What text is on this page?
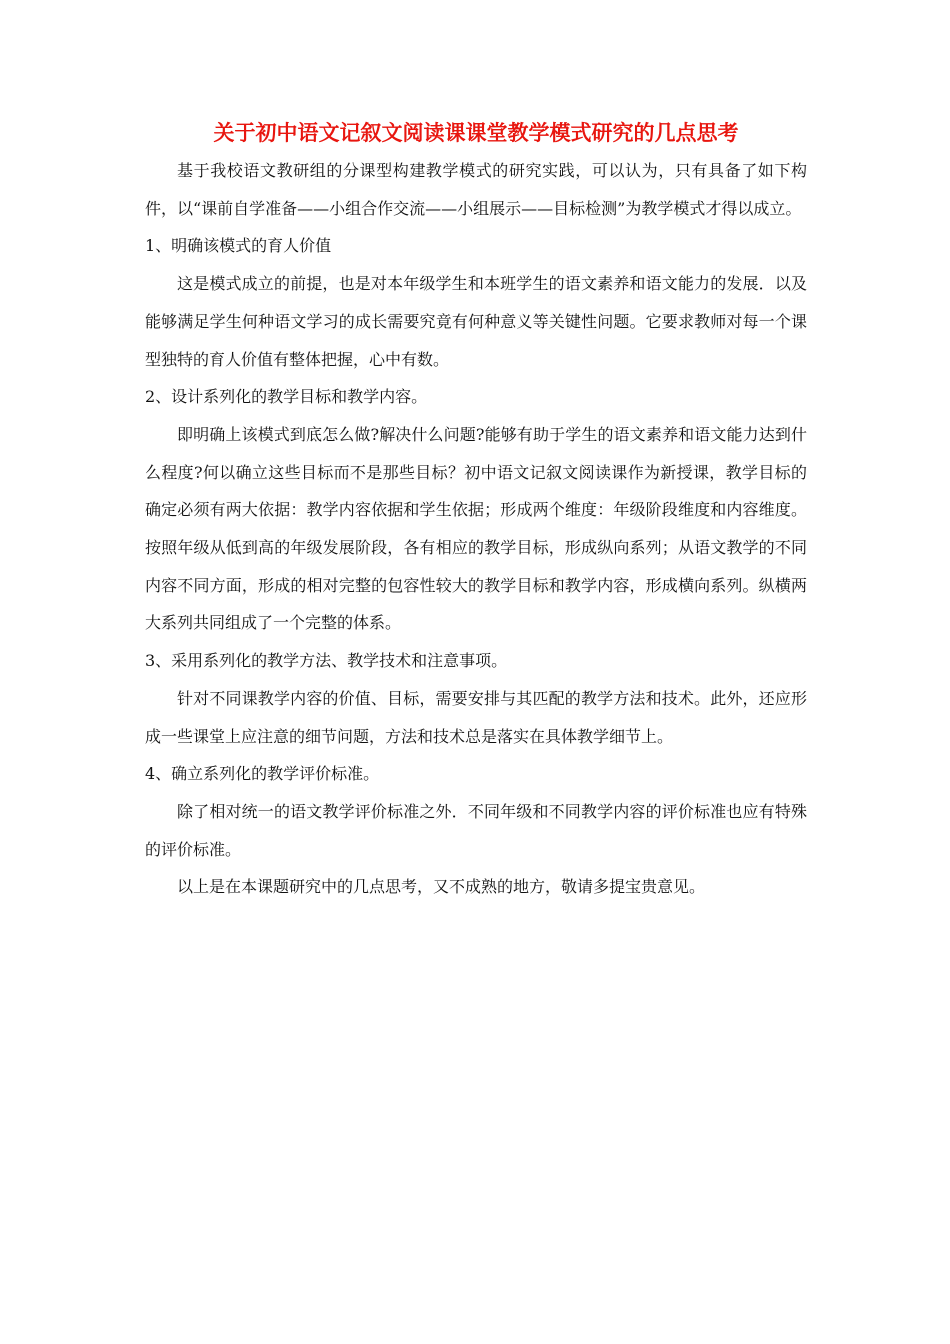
关于初中语文记叙文阅读课课堂教学模式研究的几点思考

基于我校语文教研组的分课型构建教学模式的研究实践，可以认为，只有具备了如下构件，以“课前自学准备——小组合作交流——小组展示——目标检测”为教学模式才得以成立。

1、明确该模式的育人价值

这是模式成立的前提，也是对本年级学生和本班学生的语文素养和语文能力的发展．以及能够满足学生何种语文学习的成长需要究竟有何种意义等关键性问题。它要求教师对每一个课型独特的育人价值有整体把握，心中有数。

2、设计系列化的教学目标和教学内容。

即明确上该模式到底怎么做?解决什么问题?能够有助于学生的语文素养和语文能力达到什么程度?何以确立这些目标而不是那些目标？初中语文记叙文阅读课作为新授课，教学目标的确定必须有两大依据：教学内容依据和学生依据；形成两个维度：年级阶段维度和内容维度。按照年级从低到高的年级发展阶段，各有相应的教学目标，形成纵向系列；从语文教学的不同内容不同方面，形成的相对完整的包容性较大的教学目标和教学内容，形成横向系列。纵横两大系列共同组成了一个完整的体系。

3、采用系列化的教学方法、教学技术和注意事项。

针对不同课教学内容的价值、目标，需要安排与其匹配的教学方法和技术。此外，还应形成一些课堂上应注意的细节问题，方法和技术总是落实在具体教学细节上。

4、确立系列化的教学评价标准。

除了相对统一的语文教学评价标准之外．不同年级和不同教学内容的评价标准也应有特殊的评价标准。

以上是在本课题研究中的几点思考，又不成熟的地方，敬请多提宝贵意见。
